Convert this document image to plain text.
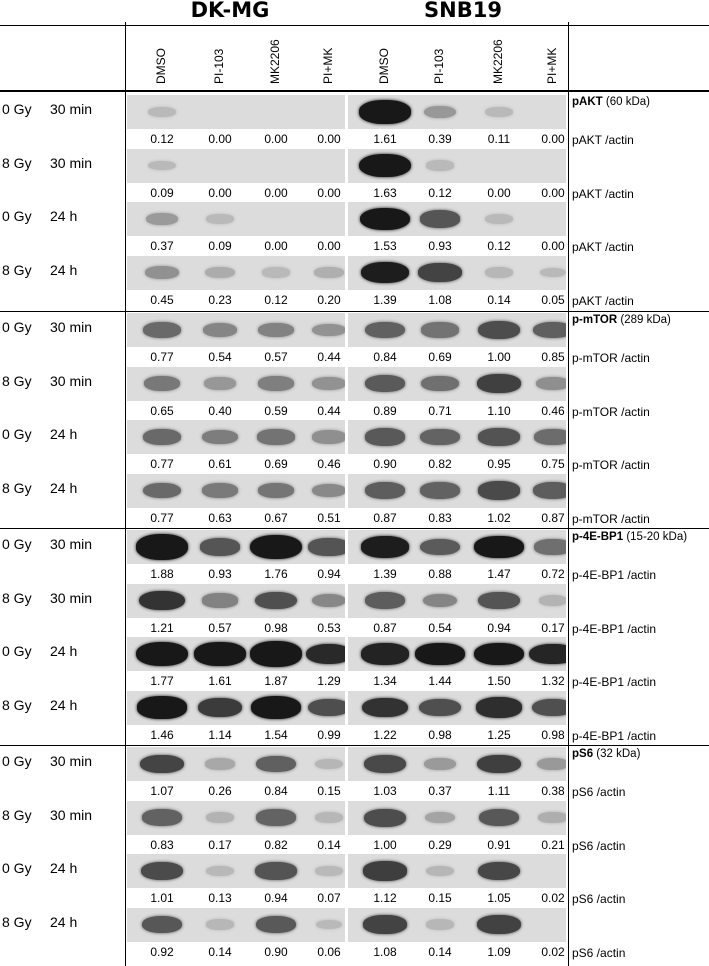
DK-MG	SNB19
DMSO	PI-103	MK2206	PI+MK	DMSO	PI-103	MK2206	PI+MK
0 Gy 30 min
0.12	0.00	0.00	0.00	1.61	0.39	0.11	0.00
pAKT (60 kDa)
pAKT /actin
8 Gy 30 min
0.09	0.00	0.00	0.00	1.63	0.12	0.00	0.00 pAKT /actin
0 Gy 24 h
0.37	0.09	0.00	0.00	1.53	0.93	0.12	0.00 pAKT /actin
8 Gy 24 h
0.45	0.23	0.12	0.20	1.39	1.08	0.14	0.05 pAKT /actin
0 Gy 30 min
0.77	0.54	0.57	0.44	0.84	0.69	1.00	0.85
p-mTOR (289 kDa)
p-mTOR /actin
8 Gy 30 min
0.65	0.40	0.59	0.44	0.89	0.71	1.10	0.46 p-mTOR /actin
0 Gy 24 h
0.77	0.61	0.69	0.46	0.90	0.82	0.95	0.75 p-mTOR /actin
8 Gy 24 h
0.77	0.63	0.67	0.51	0.87	0.83	1.02	0.87 p-mTOR /actin
0 Gy 30 min
1.88	0.93	1.76	0.94	1.39	0.88	1.47	0.72
p-4E-BP1 (15-20 kDa)
p-4E-BP1 /actin
8 Gy 30 min
1.21	0.57	0.98	0.53	0.87	0.54	0.94	0.17 p-4E-BP1 /actin
0 Gy 24 h
1.77	1.61	1.87	1.29	1.34	1.44	1.50	1.32 p-4E-BP1 /actin
8 Gy 24 h
1.46	1.14	1.54	0.99	1.22	0.98	1.25	0.98 p-4E-BP1 /actin
0 Gy 30 min
1.07	0.26	0.84	0.15	1.03	0.37	1.11	0.38
pS6 (32 kDa)
pS6 /actin
8 Gy 30 min
0.83	0.17	0.82	0.14	1.00	0.29	0.91	0.21 pS6 /actin
0 Gy 24 h
1.01	0.13	0.94	0.07	1.12	0.15	1.05	0.02 pS6 /actin
8 Gy 24 h
0.92	0.14	0.90	0.06	1.08	0.14	1.09	0.02 pS6 /actin
